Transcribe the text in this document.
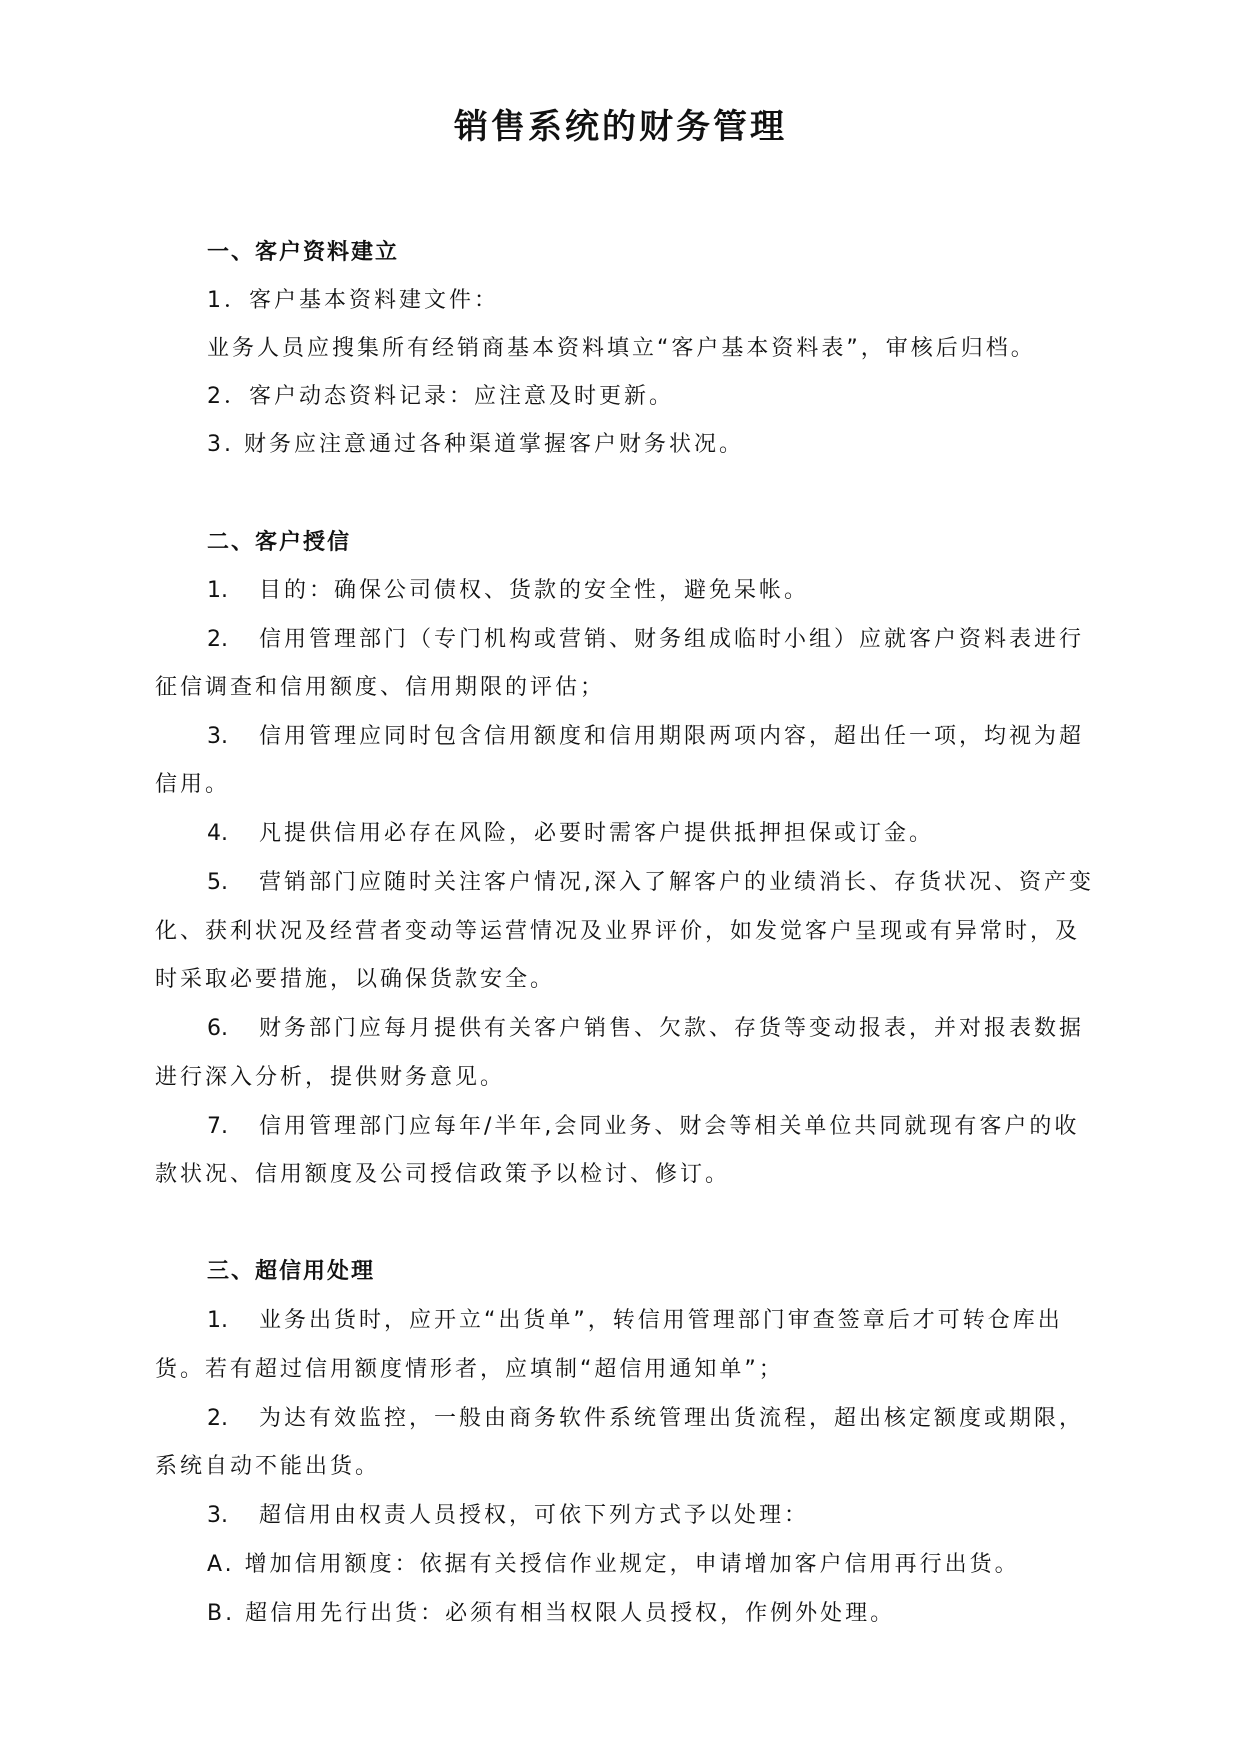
销售系统的财务管理
一、客户资料建立
1．客户基本资料建文件：
业务人员应搜集所有经销商基本资料填立“客户基本资料表”，审核后归档。
2．客户动态资料记录：应注意及时更新。
3. 财务应注意通过各种渠道掌握客户财务状况。
二、客户授信
1. 目的：确保公司债权、货款的安全性，避免呆帐。
2. 信用管理部门（专门机构或营销、财务组成临时小组）应就客户资料表进行
征信调查和信用额度、信用期限的评估；
3. 信用管理应同时包含信用额度和信用期限两项内容，超出任一项，均视为超
信用。
4. 凡提供信用必存在风险，必要时需客户提供抵押担保或订金。
5. 营销部门应随时关注客户情况,深入了解客户的业绩消长、存货状况、资产变
化、获利状况及经营者变动等运营情况及业界评价，如发觉客户呈现或有异常时，及
时采取必要措施，以确保货款安全。
6. 财务部门应每月提供有关客户销售、欠款、存货等变动报表，并对报表数据
进行深入分析，提供财务意见。
7. 信用管理部门应每年/半年,会同业务、财会等相关单位共同就现有客户的收
款状况、信用额度及公司授信政策予以检讨、修订。
三、超信用处理
1. 业务出货时，应开立“出货单”，转信用管理部门审查签章后才可转仓库出
货。若有超过信用额度情形者，应填制“超信用通知单”；
2. 为达有效监控，一般由商务软件系统管理出货流程，超出核定额度或期限，
系统自动不能出货。
3. 超信用由权责人员授权，可依下列方式予以处理：
A. 增加信用额度：依据有关授信作业规定，申请增加客户信用再行出货。
B. 超信用先行出货：必须有相当权限人员授权，作例外处理。
